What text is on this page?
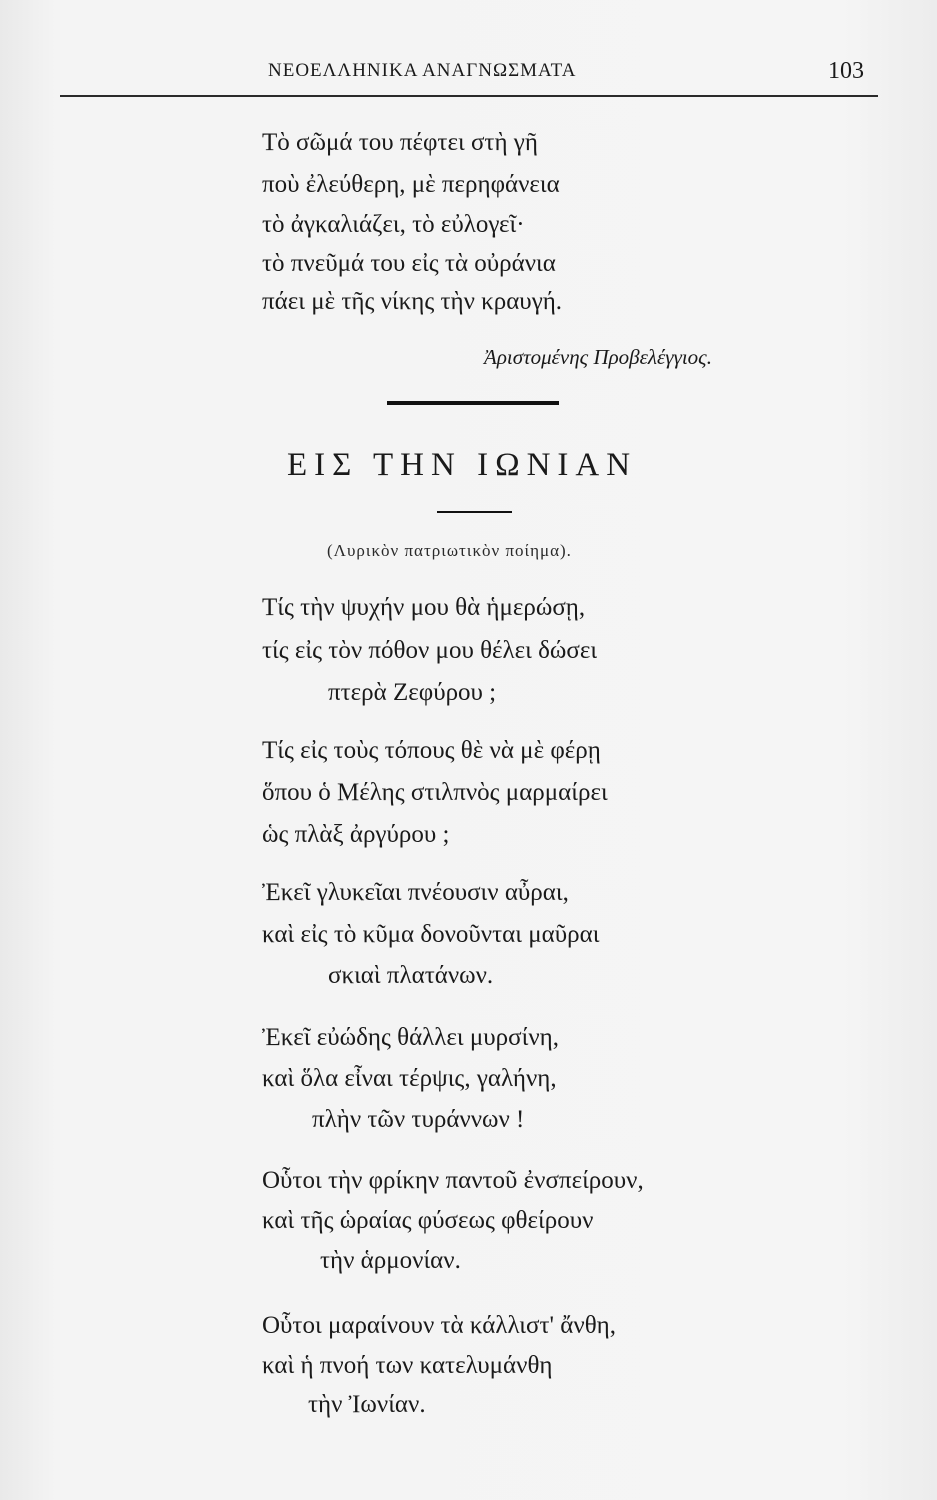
ΝΕΟΕΛΛΗΝΙΚΑ ΑΝΑΓΝΩΣΜΑΤΑ	103
Τὸ σῶμά του πέφτει στὴ γῆ
ποὺ ἐλεύθερη, μὲ περηφάνεια
τὸ ἀγκαλιάζει, τὸ εὐλογεῖ·
τὸ πνεῦμά του εἰς τὰ οὐράνια
πάει μὲ τῆς νίκης τὴν κραυγή.
Ἀριστομένης Προβελέγγιος.
ΕΙΣ ΤΗΝ ΙΩΝΙΑΝ
(Λυρικὸν πατριωτικὸν ποίημα).
Τίς τὴν ψυχήν μου θὰ ἡμερώσῃ,
τίς εἰς τὸν πόθον μου θέλει δώσει
πτερὰ Ζεφύρου ;
Τίς εἰς τοὺς τόπους θὲ νὰ μὲ φέρῃ
ὅπου ὁ Μέλης στιλπνὸς μαρμαίρει
ὡς πλὰξ ἀργύρου ;
Ἐκεῖ γλυκεῖαι πνέουσιν αὖραι,
καὶ εἰς τὸ κῦμα δονοῦνται μαῦραι
σκιαὶ πλατάνων.
Ἐκεῖ εὐώδης θάλλει μυρσίνη,
καὶ ὅλα εἶναι τέρψις, γαλήνη,
πλὴν τῶν τυράννων !
Οὗτοι τὴν φρίκην παντοῦ ἐνσπείρουν,
καὶ τῆς ὡραίας φύσεως φθείρουν
τὴν ἁρμονίαν.
Οὗτοι μαραίνουν τὰ κάλλιστ' ἄνθη,
καὶ ἡ πνοή των κατελυμάνθη
τὴν Ἰωνίαν.
